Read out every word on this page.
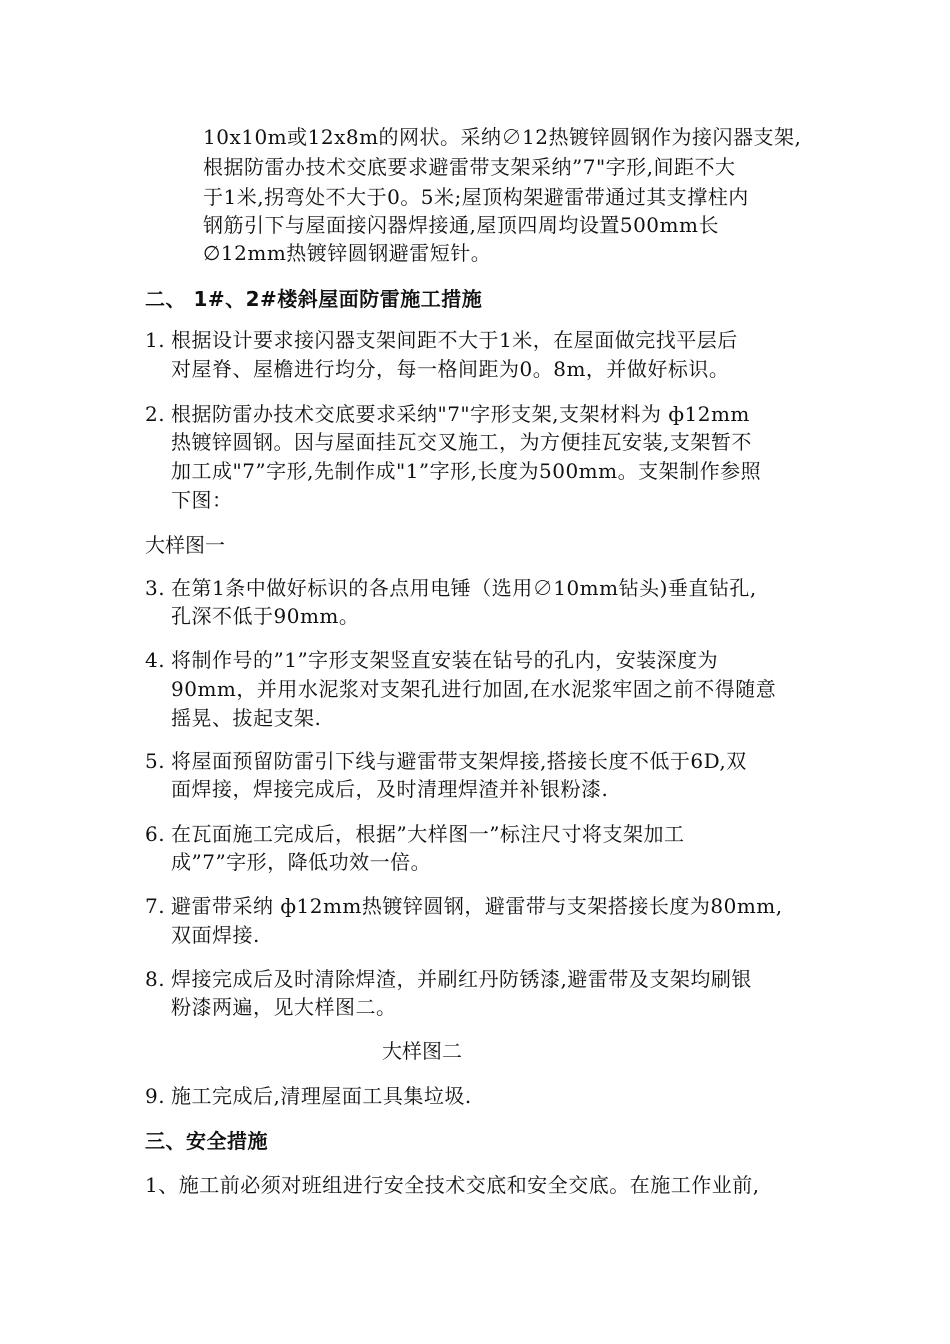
10x10m或12x8m的网状。采纳∅12热镀锌圆钢作为接闪器支架,

根据防雷办技术交底要求避雷带支架采纳”7"字形,间距不大

于1米,拐弯处不大于0。5米;屋顶构架避雷带通过其支撑柱内

钢筋引下与屋面接闪器焊接通,屋顶四周均设置500mm长

∅12mm热镀锌圆钢避雷短针。

二、 1#、2#楼斜屋面防雷施工措施

1. 根据设计要求接闪器支架间距不大于1米，在屋面做完找平层后

对屋脊、屋檐进行均分，每一格间距为0。8m，并做好标识。

2. 根据防雷办技术交底要求采纳"7"字形支架,支架材料为 ф12mm

热镀锌圆钢。因与屋面挂瓦交叉施工，为方便挂瓦安装,支架暂不

加工成"7”字形,先制作成"1”字形,长度为500mm。支架制作参照

下图：

大样图一

3. 在第1条中做好标识的各点用电锤（选用∅10mm钻头)垂直钻孔,

孔深不低于90mm。

4. 将制作号的”1”字形支架竖直安装在钻号的孔内，安装深度为

90mm，并用水泥浆对支架孔进行加固,在水泥浆牢固之前不得随意

摇晃、拔起支架.

5. 将屋面预留防雷引下线与避雷带支架焊接,搭接长度不低于6D,双

面焊接，焊接完成后，及时清理焊渣并补银粉漆.

6. 在瓦面施工完成后，根据”大样图一”标注尺寸将支架加工

成”7”字形，降低功效一倍。

7. 避雷带采纳 ф12mm热镀锌圆钢，避雷带与支架搭接长度为80mm,

双面焊接.

8. 焊接完成后及时清除焊渣，并刷红丹防锈漆,避雷带及支架均刷银

粉漆两遍，见大样图二。

大样图二

9. 施工完成后,清理屋面工具集垃圾.

三、安全措施

1、施工前必须对班组进行安全技术交底和安全交底。在施工作业前,
